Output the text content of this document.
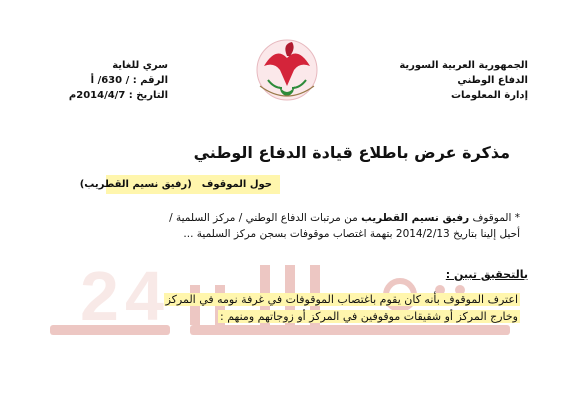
2 4
الجمهورية العربية السورية
الدفاع الوطني
إدارة المعلومات
سري للغاية
الرقم : / 630/ أ
التاريخ : 2014/4/7م
مذكرة عرض باطلاع قيادة الدفاع الوطني
حول الموقوف(رفيق نسيم القطريب)
* الموقوف رفيق نسيم القطريب من مرتبات الدفاع الوطني / مركز السلمية /
أحيل إلينا بتاريخ 2014/2/13 بتهمة اغتصاب موقوفات بسجن مركز السلمية ...
بالتحقيق تبين :
اعترف الموقوف بأنه كان يقوم باغتصاب الموقوفات في غرفة نومه في المركز
وخارج المركز أو شقيقات موقوفين في المركز أو زوجاتهم ومنهم :
